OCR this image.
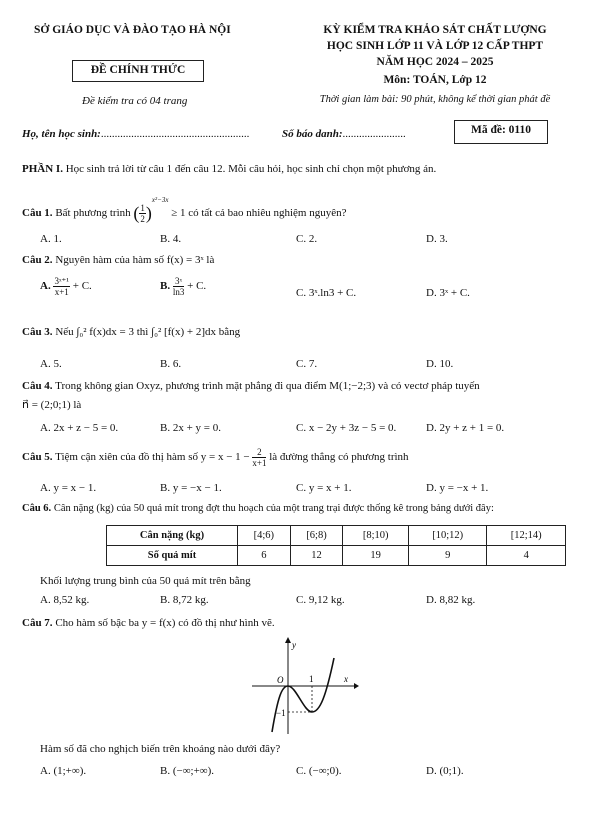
SỞ GIÁO DỤC VÀ ĐÀO TẠO HÀ NỘI
ĐỀ CHÍNH THỨC
Đề kiểm tra có 04 trang
KỲ KIỂM TRA KHẢO SÁT CHẤT LƯỢNG
HỌC SINH LỚP 11 VÀ LỚP 12 CẤP THPT
NĂM HỌC 2024 – 2025
Môn: TOÁN, Lớp 12
Thời gian làm bài: 90 phút, không kể thời gian phát đề
Họ, tên học sinh:......................................................	Số báo danh:.......................	Mã đề: 0110
PHẦN I. Học sinh trả lời từ câu 1 đến câu 12. Mỗi câu hỏi, học sinh chỉ chọn một phương án.
Câu 1. Bất phương trình ( $\frac{1}{2} )^{x^2-3x} \ge 1$ có tất cả bao nhiêu nghiệm nguyên?
A. 1.	B. 4.	C. 2.	D. 3.
Câu 2. Nguyên hàm của hàm số f(x) = 3ˣ là
A. $\frac{\text{3ˣ⁺¹}}{x+1} + C$.	B. $\frac{\text{3ˣ}}{\ln 3} + C$.
C. 3ˣ.ln3 + C.	D. 3ˣ + C.
Câu 3. Nếu ∫₀² f(x)dx = 3 thì ∫₀² [f(x) + 2]dx bằng
A. 5.	B. 6.	C. 7.	D. 10.
Câu 4. Trong không gian Oxyz, phương trình mặt phẳng đi qua điểm M(1;−2;3) và có vectơ pháp tuyến
n⃗ = (2;0;1) là
A. 2x + z − 5 = 0.	B. 2x + y = 0.	C. x − 2y + 3z − 5 = 0.	D. 2y + z + 1 = 0.
Câu 5. Tiệm cận xiên của đồ thị hàm số $y = x - 1 - \frac{2}{x+1}$ là đường thẳng có phương trình
A. y = x − 1.	B. y = −x − 1.	C. y = x + 1.	D. y = −x + 1.
Câu 6. Cân nặng (kg) của 50 quả mít trong đợt thu hoạch của một trang trại được thống kê trong bảng dưới đây:
Cân nặng (kg)	[4;6)	[6;8)	[8;10)	[10;12)	[12;14)
Số quả mít	6	12	19	9	4
Khối lượng trung bình của 50 quả mít trên bằng
A. 8,52 kg.	B. 8,72 kg.	C. 9,12 kg.	D. 8,82 kg.
Câu 7. Cho hàm số bậc ba y = f(x) có đồ thị như hình vẽ.
y
x
O	1
−1
Hàm số đã cho nghịch biến trên khoảng nào dưới đây?
A. (1;+∞).	B. (−∞;+∞).	C. (−∞;0).	D. (0;1).
